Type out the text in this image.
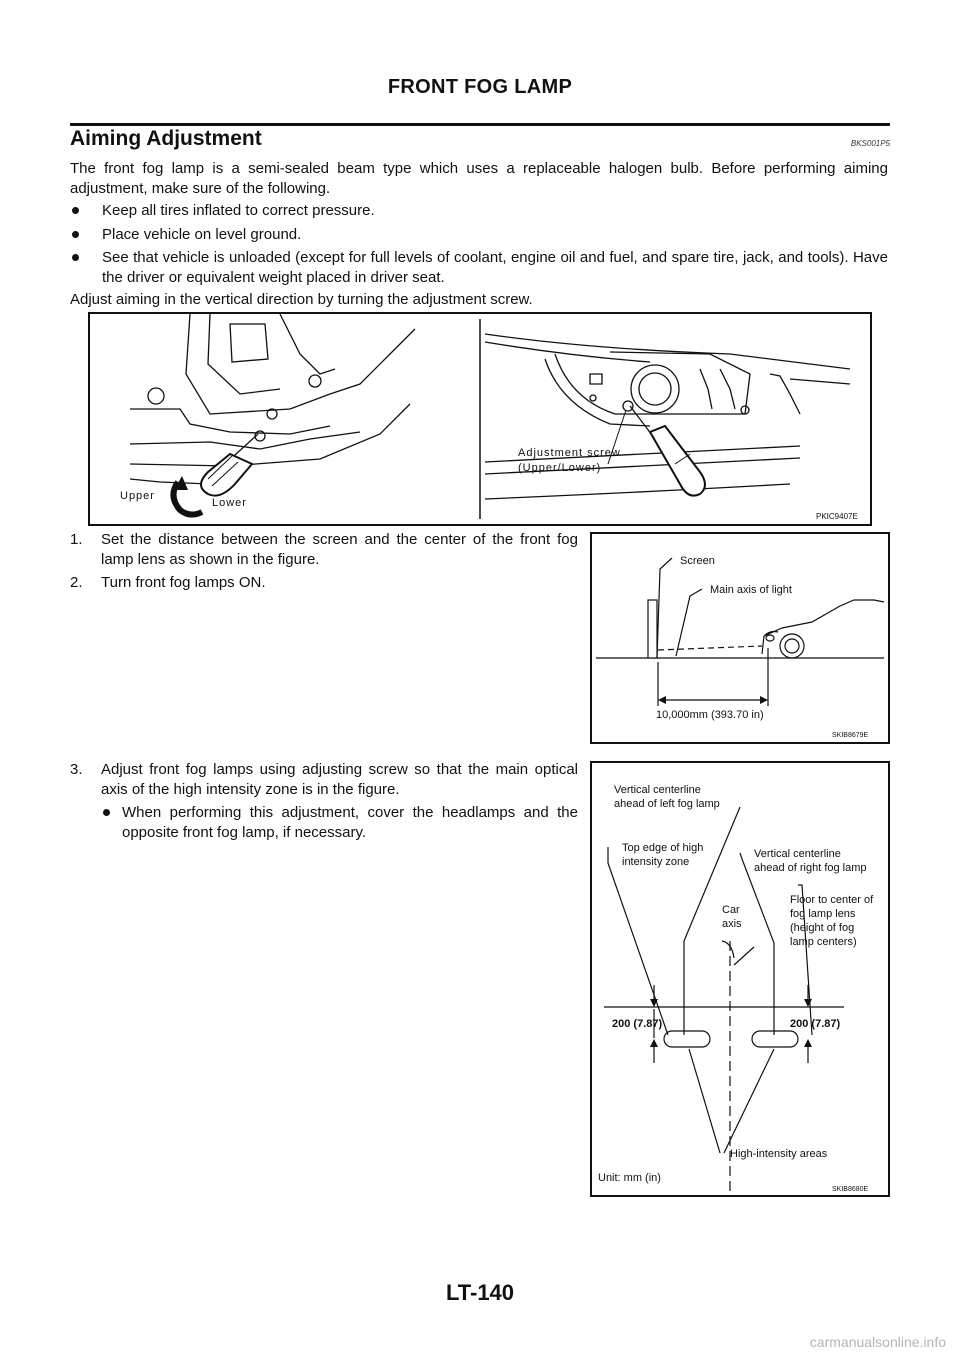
FRONT FOG LAMP
Aiming Adjustment	BKS001P5
The front fog lamp is a semi-sealed beam type which uses a replaceable halogen bulb. Before performing aiming adjustment, make sure of the following.
Keep all tires inflated to correct pressure.
Place vehicle on level ground.
See that vehicle is unloaded (except for full levels of coolant, engine oil and fuel, and spare tire, jack, and tools). Have the driver or equivalent weight placed in driver seat.
Adjust aiming in the vertical direction by turning the adjustment screw.
Upper
Lower
Adjustment screw
(Upper/Lower)
PKIC9407E
1. Set the distance between the screen and the center of the front fog lamp lens as shown in the figure.
2. Turn front fog lamps ON.
Screen
Main axis of light
10,000mm (393.70 in)
SKIB8679E
3. Adjust front fog lamps using adjusting screw so that the main optical axis of the high intensity zone is in the figure.
When performing this adjustment, cover the headlamps and the opposite front fog lamp, if necessary.
Vertical centerline
ahead of left fog lamp
Top edge of high
intensity zone
Vertical centerline
ahead of right fog lamp
Car
axis
Floor to center of
fog lamp lens
(height of fog
lamp centers)
200 (7.87)	200 (7.87)
High-intensity areas
Unit: mm (in)
SKIB8680E
LT-140
carmanualsonline.info
